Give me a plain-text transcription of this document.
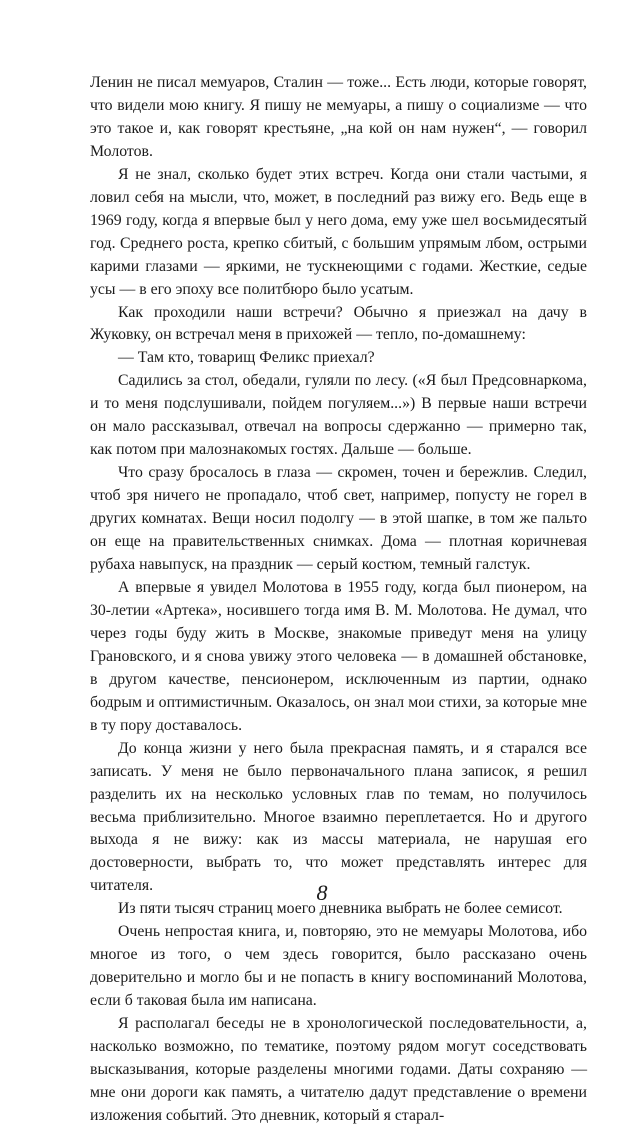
Ленин не писал мемуаров, Сталин — тоже... Есть люди, которые говорят, что видели мою книгу. Я пишу не мемуары, а пишу о социализме — что это такое и, как говорят крестьяне, „на кой он нам нужен“, — говорил Молотов.

Я не знал, сколько будет этих встреч. Когда они стали частыми, я ловил себя на мысли, что, может, в последний раз вижу его. Ведь еще в 1969 году, когда я впервые был у него дома, ему уже шел восьмидесятый год. Среднего роста, крепко сбитый, с большим упрямым лбом, острыми карими глазами — яркими, не тускнеющими с годами. Жесткие, седые усы — в его эпоху все политбюро было усатым.

Как проходили наши встречи? Обычно я приезжал на дачу в Жуковку, он встречал меня в прихожей — тепло, по-домашнему:

— Там кто, товарищ Феликс приехал?

Садились за стол, обедали, гуляли по лесу. («Я был Предсовнаркома, и то меня подслушивали, пойдем погуляем...») В первые наши встречи он мало рассказывал, отвечал на вопросы сдержанно — примерно так, как потом при малознакомых гостях. Дальше — больше.

Что сразу бросалось в глаза — скромен, точен и бережлив. Следил, чтоб зря ничего не пропадало, чтоб свет, например, попусту не горел в других комнатах. Вещи носил подолгу — в этой шапке, в том же пальто он еще на правительственных снимках. Дома — плотная коричневая рубаха навыпуск, на праздник — серый костюм, темный галстук.

А впервые я увидел Молотова в 1955 году, когда был пионером, на 30-летии «Артека», носившего тогда имя В. М. Молотова. Не думал, что через годы буду жить в Москве, знакомые приведут меня на улицу Грановского, и я снова увижу этого человека — в домашней обстановке, в другом качестве, пенсионером, исключенным из партии, однако бодрым и оптимистичным. Оказалось, он знал мои стихи, за которые мне в ту пору доставалось.

До конца жизни у него была прекрасная память, и я старался все записать. У меня не было первоначального плана записок, я решил разделить их на несколько условных глав по темам, но получилось весьма приблизительно. Многое взаимно переплетается. Но и другого выхода я не вижу: как из массы материала, не нарушая его достоверности, выбрать то, что может представлять интерес для читателя.

Из пяти тысяч страниц моего дневника выбрать не более семисот.

Очень непростая книга, и, повторяю, это не мемуары Молотова, ибо многое из того, о чем здесь говорится, было рассказано очень доверительно и могло бы и не попасть в книгу воспоминаний Молотова, если б таковая была им написана.

Я располагал беседы не в хронологической последовательности, а, насколько возможно, по тематике, поэтому рядом могут соседствовать высказывания, которые разделены многими годами. Даты сохраняю — мне они дороги как память, а читателю дадут представление о времени изложения событий. Это дневник, который я старал-

8
